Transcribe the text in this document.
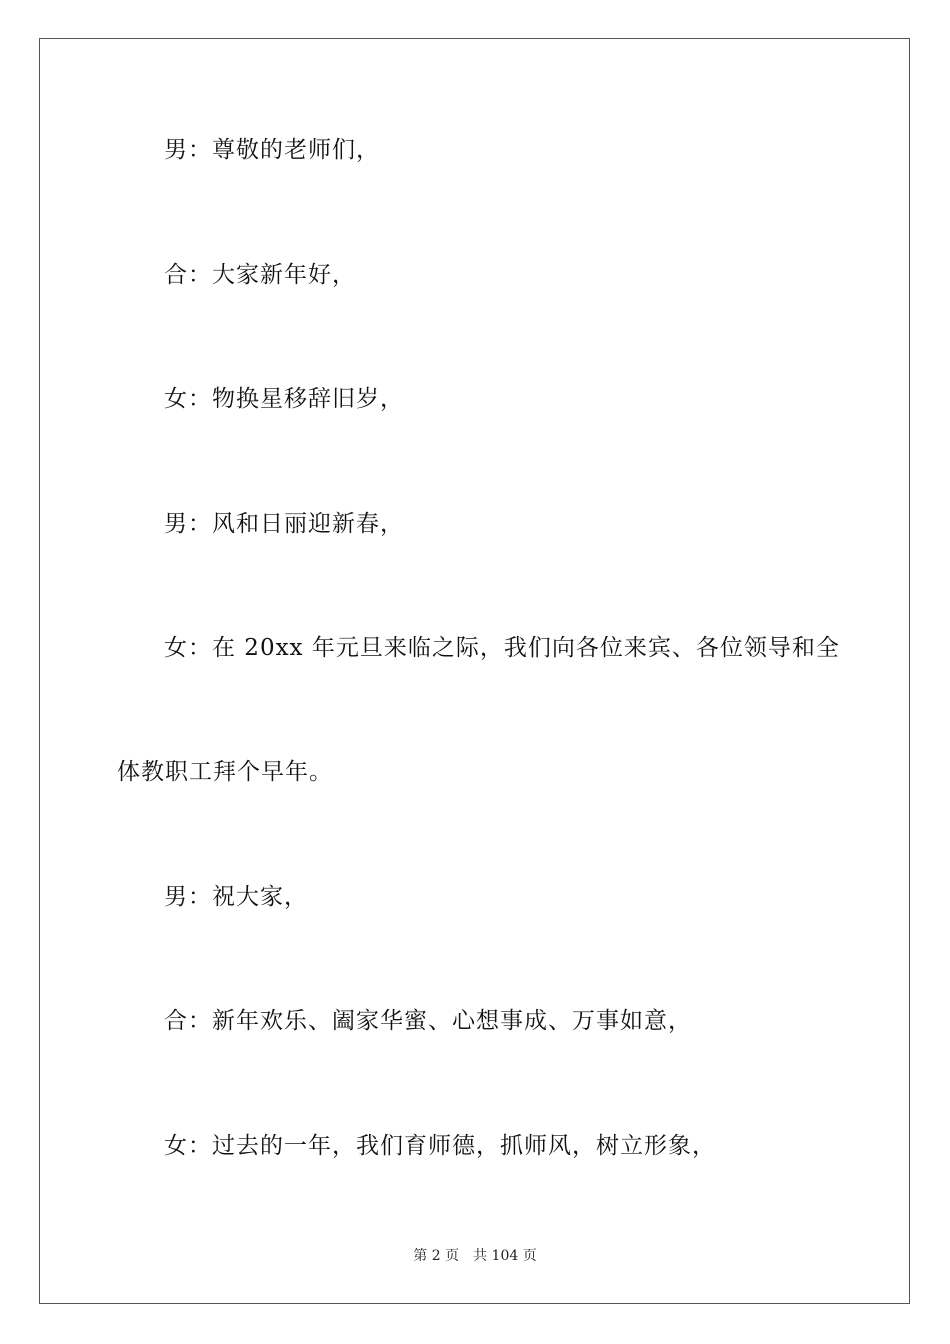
男：尊敬的老师们，
合：大家新年好，
女：物换星移辞旧岁，
男：风和日丽迎新春，
女：在 20xx 年元旦来临之际，我们向各位来宾、各位领导和全
体教职工拜个早年。
男：祝大家，
合：新年欢乐、阖家华蜜、心想事成、万事如意，
女：过去的一年，我们育师德，抓师风，树立形象，
第 2 页 共 104 页
